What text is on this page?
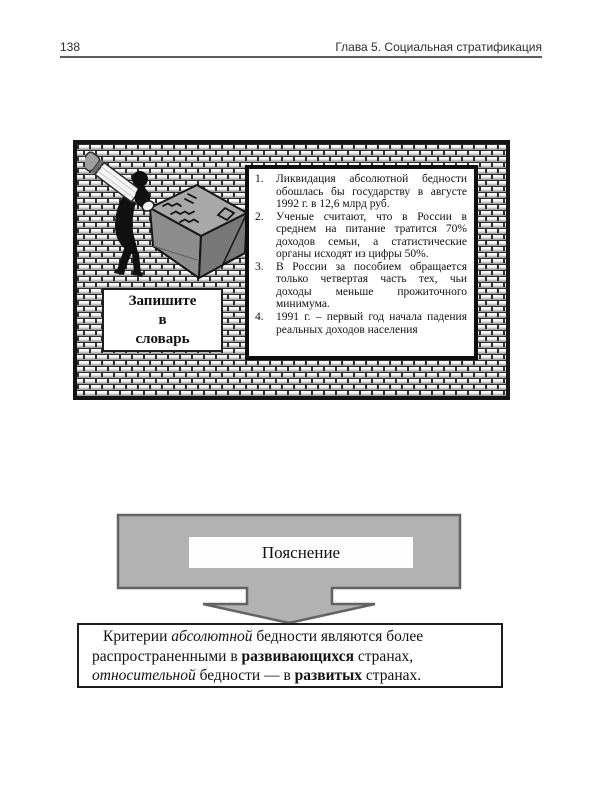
138	Глава 5. Социальная стратификация
Запишите
в
словарь
1.	Ликвидация абсолютной бедности обошлась бы государству в августе 1992 г. в 12,6 млрд руб.
2.	Ученые считают, что в России в среднем на питание тратится 70% доходов семьи, а статистические органы исходят из цифры 50%.
3.	В России за пособием обращается только четвертая часть тех, чьи доходы меньше прожиточного минимума.
4.	1991 г. – первый год начала падения реальных доходов населения
Пояснение
Критерии абсолютной бедности являются более
распространенными в развивающихся странах,
относительной бедности — в развитых странах.
